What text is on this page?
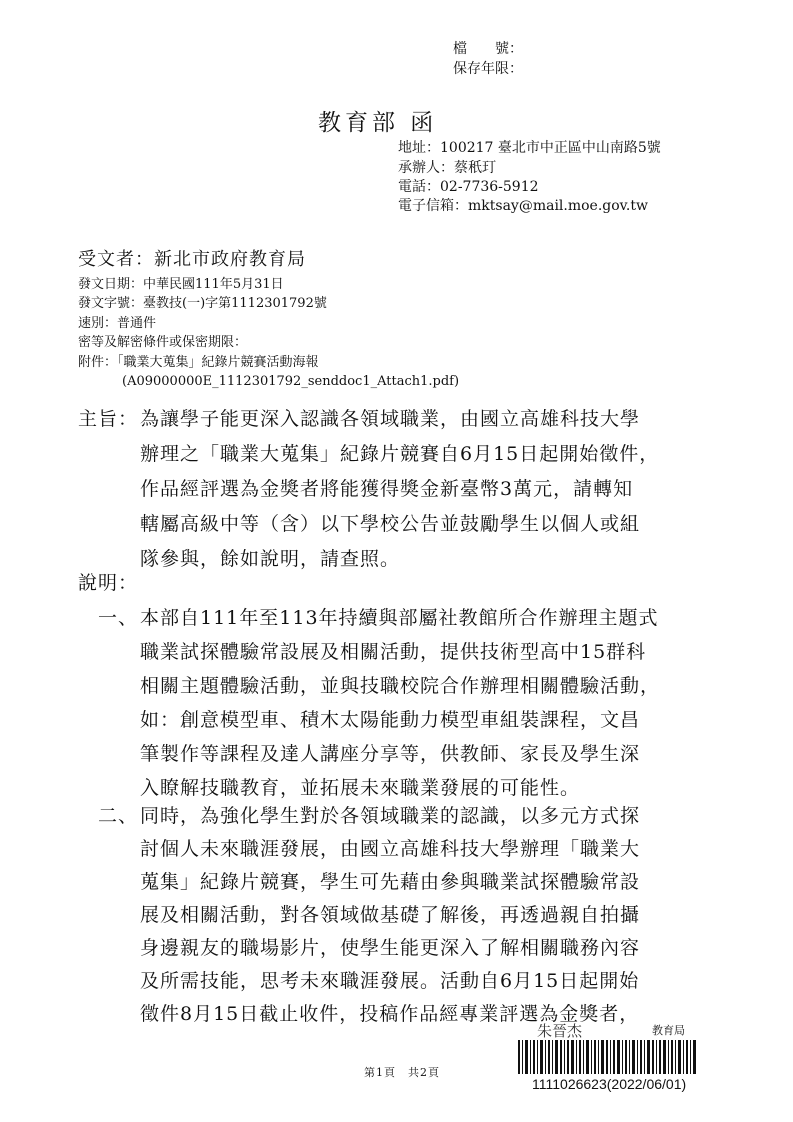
檔　　號：
保存年限：
教育部 函
地址：100217 臺北市中正區中山南路5號
承辦人：蔡秖玎
電話：02-7736-5912
電子信箱：mktsay@mail.moe.gov.tw
受文者：新北市政府教育局
發文日期：中華民國111年5月31日
發文字號：臺教技(一)字第1112301792號
速別：普通件
密等及解密條件或保密期限：
附件：「職業大蒐集」紀錄片競賽活動海報
(A09000000E_1112301792_senddoc1_Attach1.pdf)
主旨： 為讓學子能更深入認識各領域職業，由國立高雄科技大學
辦理之「職業大蒐集」紀錄片競賽自6月15日起開始徵件，
作品經評選為金獎者將能獲得獎金新臺幣3萬元，請轉知
轄屬高級中等（含）以下學校公告並鼓勵學生以個人或組
隊參與，餘如說明，請查照。
說明：
一、 本部自111年至113年持續與部屬社教館所合作辦理主題式
職業試探體驗常設展及相關活動，提供技術型高中15群科
相關主題體驗活動，並與技職校院合作辦理相關體驗活動，
如：創意模型車、積木太陽能動力模型車組裝課程，文昌
筆製作等課程及達人講座分享等，供教師、家長及學生深
入瞭解技職教育，並拓展未來職業發展的可能性。
二、 同時，為強化學生對於各領域職業的認識，以多元方式探
討個人未來職涯發展，由國立高雄科技大學辦理「職業大
蒐集」紀錄片競賽，學生可先藉由參與職業試探體驗常設
展及相關活動，對各領域做基礎了解後，再透過親自拍攝
身邊親友的職場影片，使學生能更深入了解相關職務內容
及所需技能，思考未來職涯發展。活動自6月15日起開始
徵件8月15日截止收件，投稿作品經專業評選為金獎者，
第1頁　共2頁
朱晉杰	教育局
1111026623(2022/06/01)
